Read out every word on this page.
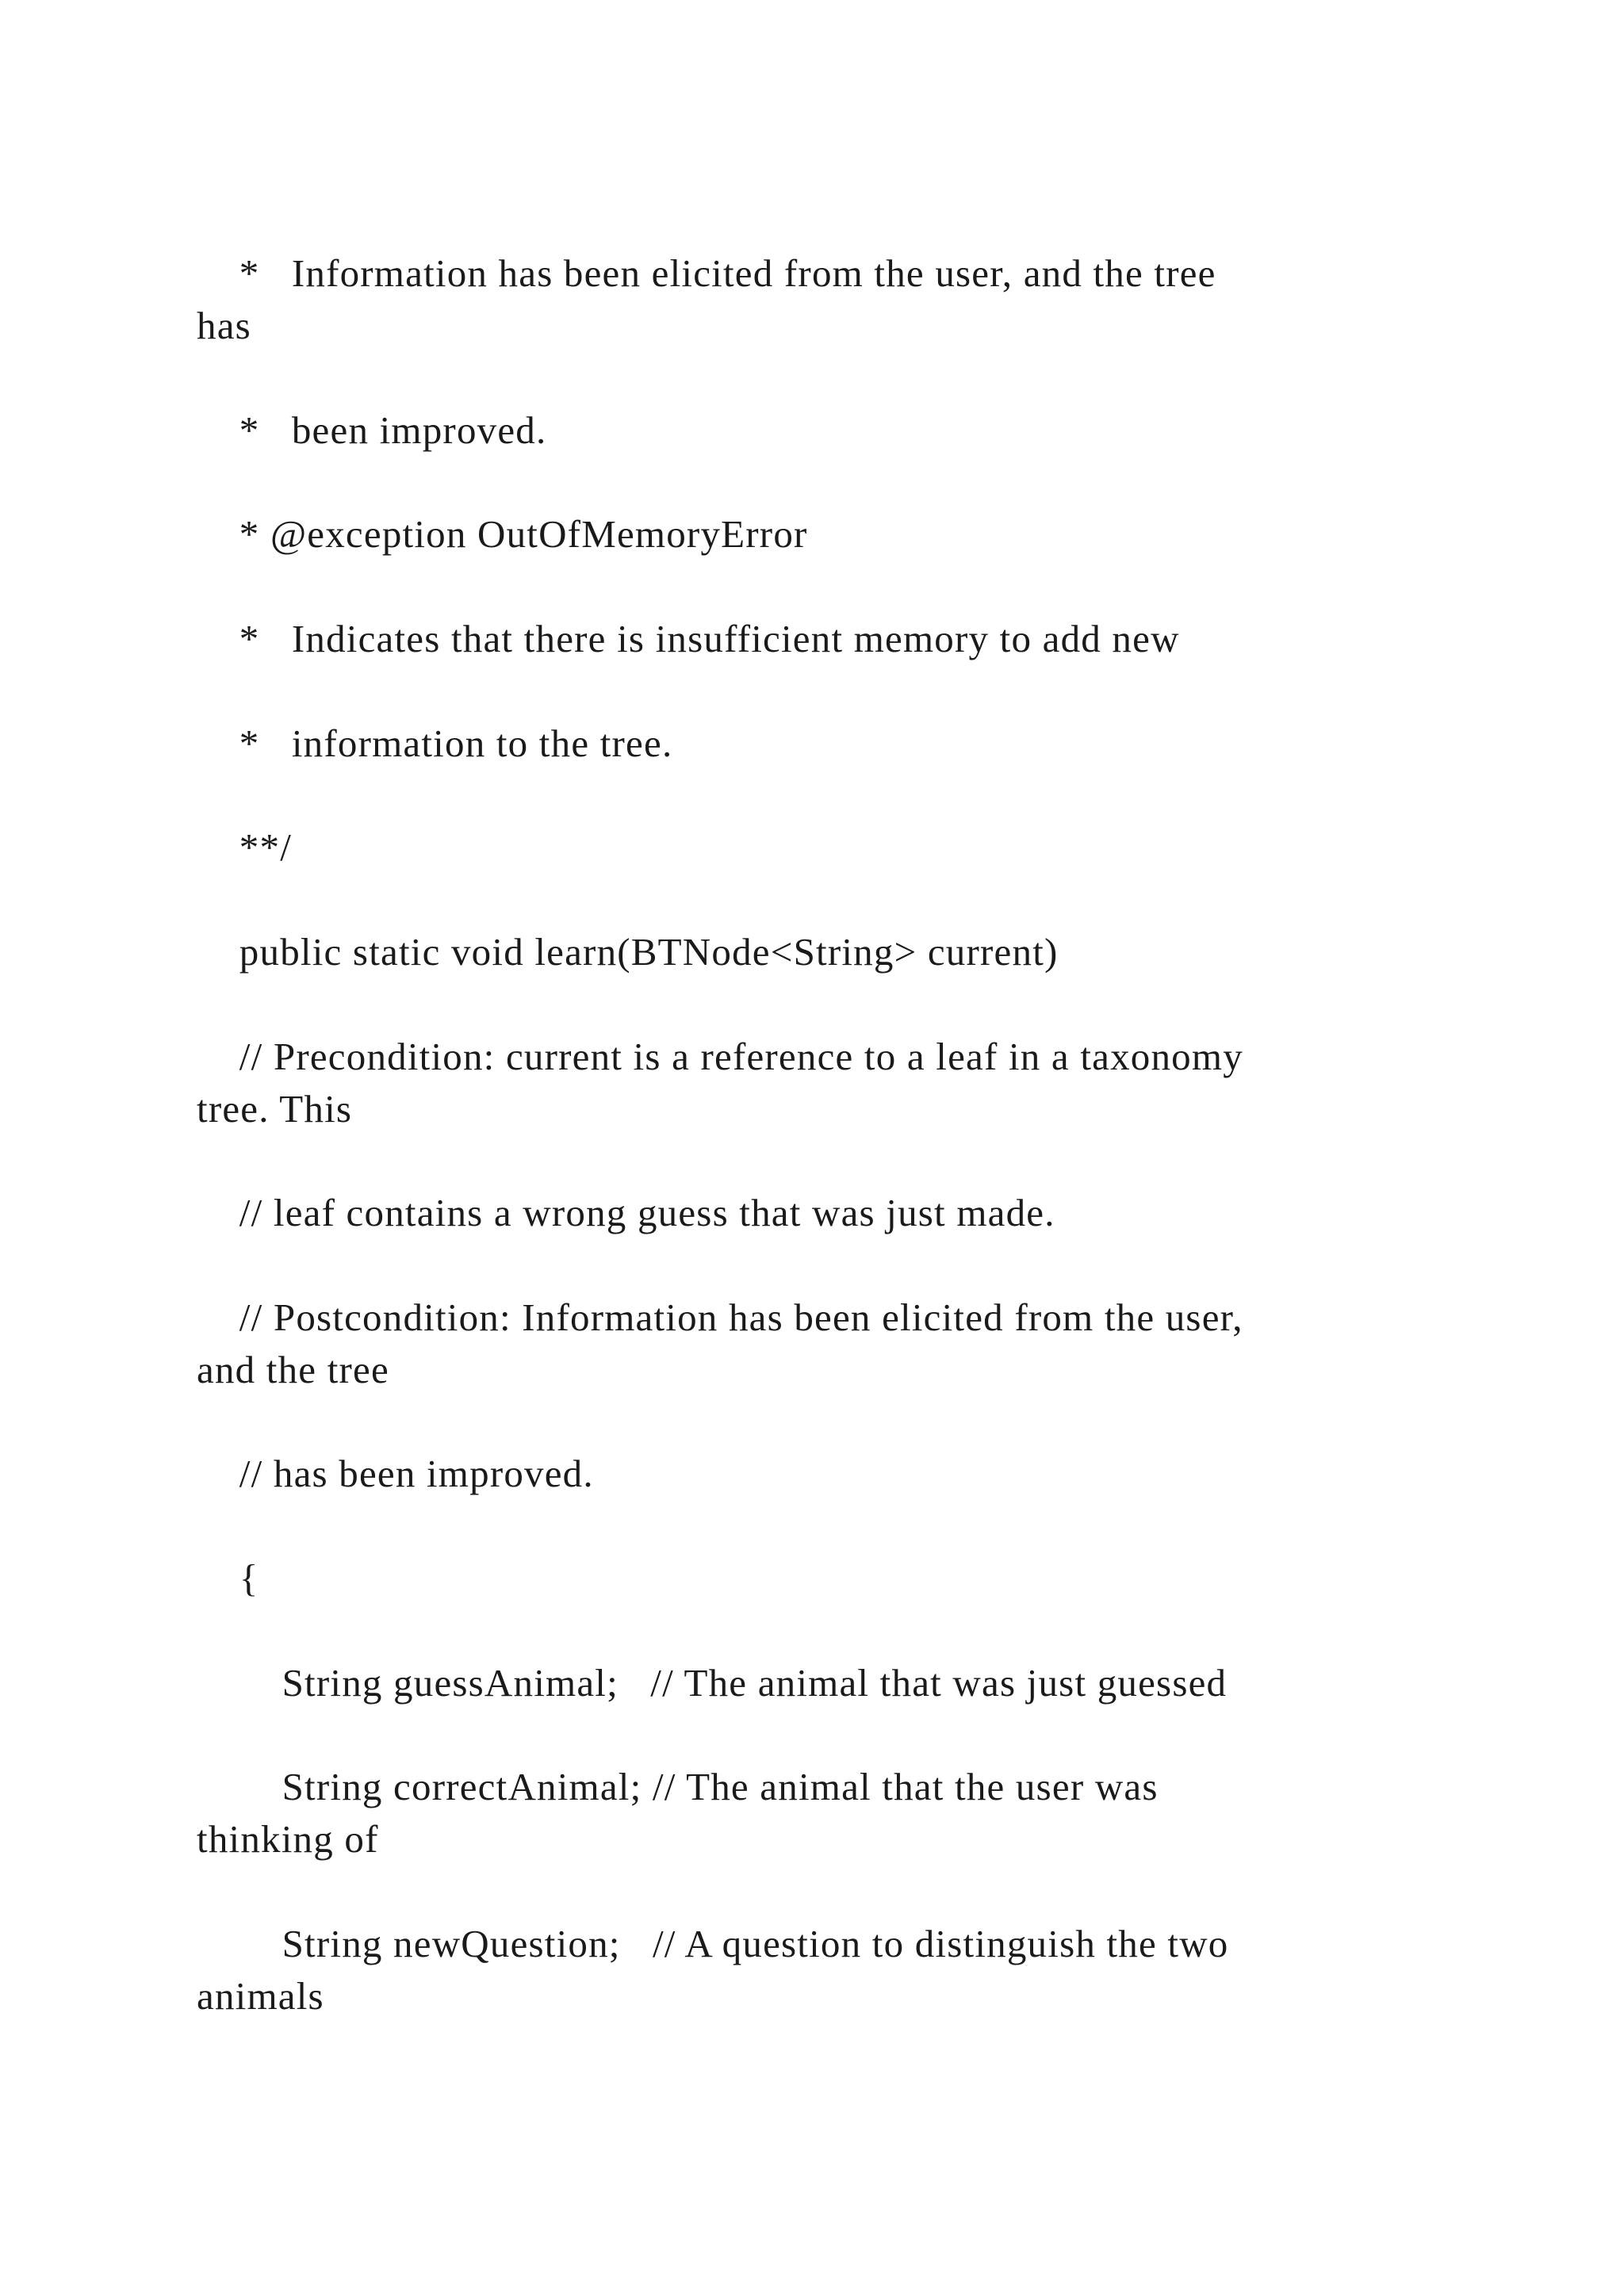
*   Information has been elicited from the user, and the tree

has

*   been improved.

* @exception OutOfMemoryError

*   Indicates that there is insufficient memory to add new

*   information to the tree.

**/

public static void learn(BTNode<String> current)

// Precondition: current is a reference to a leaf in a taxonomy

tree. This

// leaf contains a wrong guess that was just made.

// Postcondition: Information has been elicited from the user,

and the tree

// has been improved.

{

String guessAnimal;   // The animal that was just guessed

String correctAnimal; // The animal that the user was

thinking of

String newQuestion;   // A question to distinguish the two

animals
